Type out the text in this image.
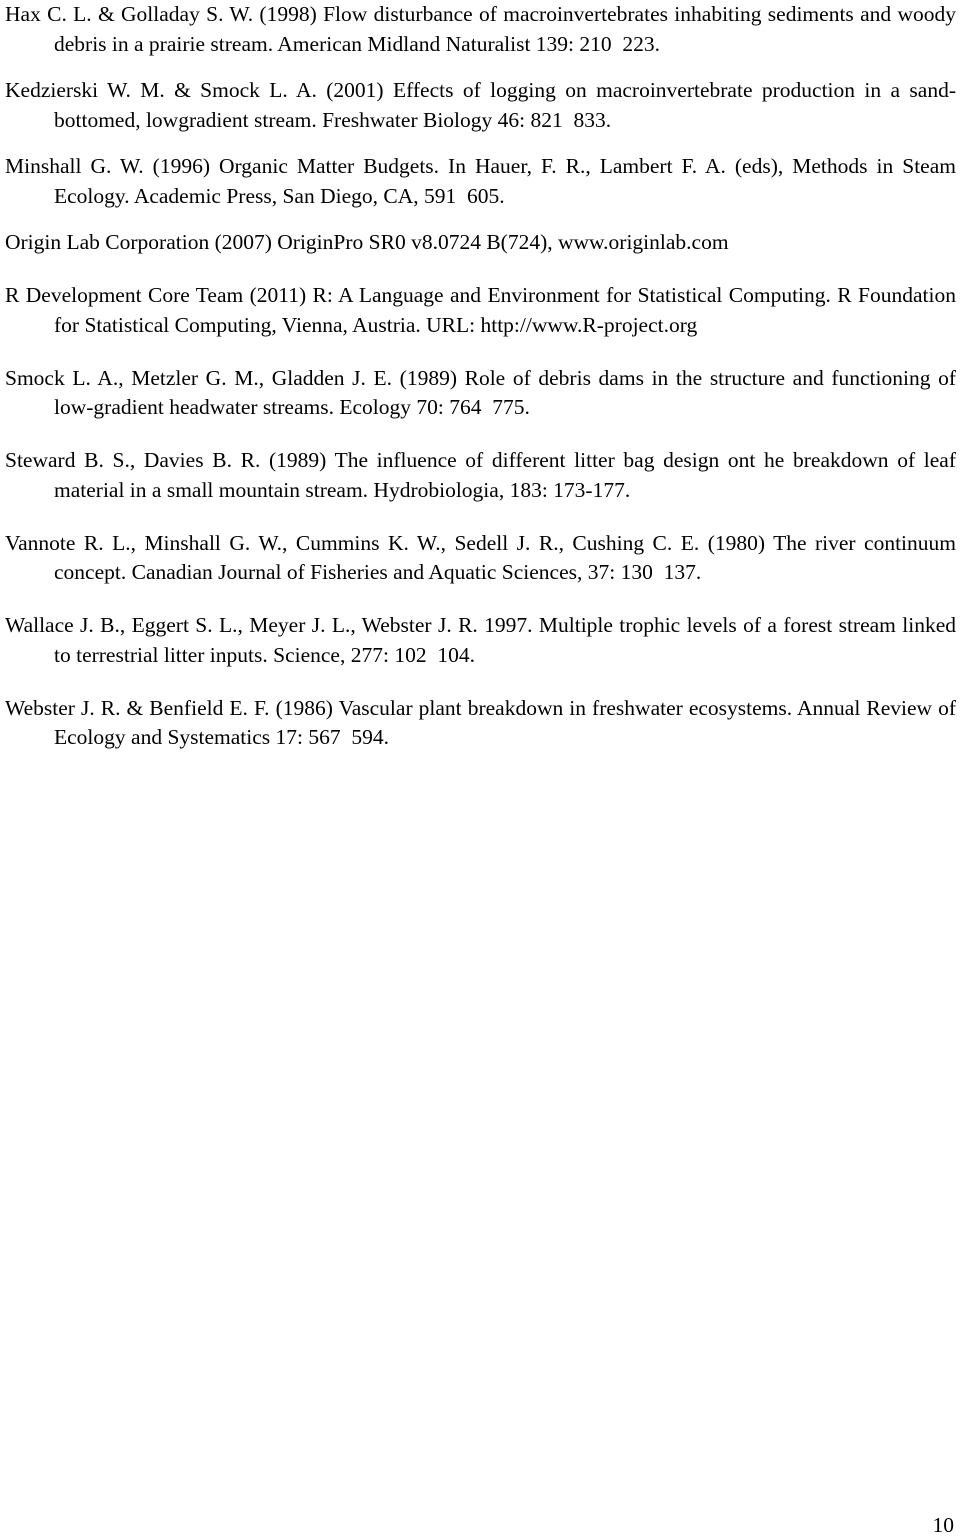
Hax C. L. & Golladay S. W. (1998) Flow disturbance of macroinvertebrates inhabiting sediments and woody debris in a prairie stream. American Midland Naturalist 139: 210 223.

Kedzierski W. M. & Smock L. A. (2001) Effects of logging on macroinvertebrate production in a sand-bottomed, lowgradient stream. Freshwater Biology 46: 821 833.

Minshall G. W. (1996) Organic Matter Budgets. In Hauer, F. R., Lambert F. A. (eds), Methods in Steam Ecology. Academic Press, San Diego, CA, 591 605.

Origin Lab Corporation (2007) OriginPro SR0 v8.0724 B(724), www.originlab.com

R Development Core Team (2011) R: A Language and Environment for Statistical Computing. R Foundation for Statistical Computing, Vienna, Austria. URL: http://www.R-project.org

Smock L. A., Metzler G. M., Gladden J. E. (1989) Role of debris dams in the structure and functioning of low-gradient headwater streams. Ecology 70: 764 775.

Steward B. S., Davies B. R. (1989) The influence of different litter bag design ont he breakdown of leaf material in a small mountain stream. Hydrobiologia, 183: 173-177.

Vannote R. L., Minshall G. W., Cummins K. W., Sedell J. R., Cushing C. E. (1980) The river continuum concept. Canadian Journal of Fisheries and Aquatic Sciences, 37: 130 137.

Wallace J. B., Eggert S. L., Meyer J. L., Webster J. R. 1997. Multiple trophic levels of a forest stream linked to terrestrial litter inputs. Science, 277: 102 104.

Webster J. R. & Benfield E. F. (1986) Vascular plant breakdown in freshwater ecosystems. Annual Review of Ecology and Systematics 17: 567 594.

10
